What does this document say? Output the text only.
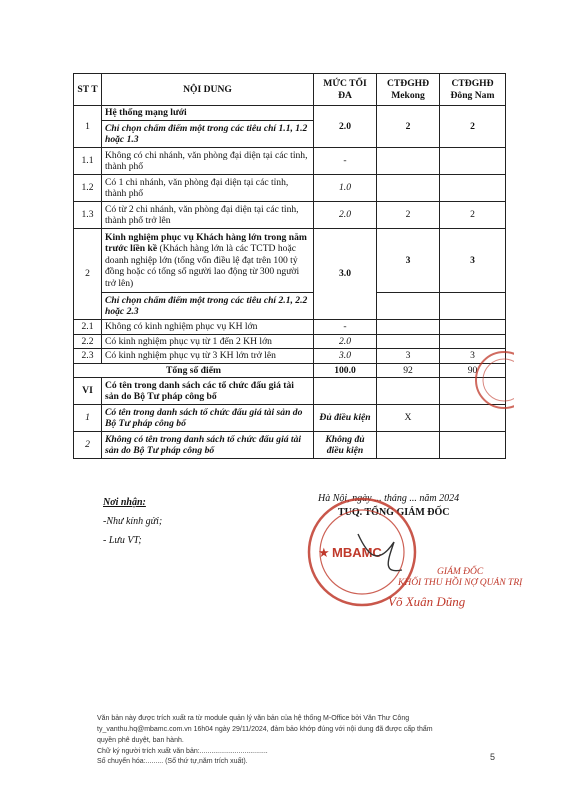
ST T	NỘI DUNG	MỨC TỐI ĐA	CTĐGHĐ Mekong	CTĐGHĐ Đông Nam
1	Hệ thống mạng lưới	2.0	2	2
	Chỉ chọn chấm điểm một trong các tiêu chí 1.1, 1.2 hoặc 1.3			
1.1	Không có chi nhánh, văn phòng đại diện tại các tỉnh, thành phố	-		
1.2	Có 1 chi nhánh, văn phòng đại diện tại các tỉnh, thành phố	1.0		
1.3	Có từ 2 chi nhánh, văn phòng đại diện tại các tỉnh, thành phố trở lên	2.0	2	2
2	Kinh nghiệm phục vụ Khách hàng lớn trong năm trước liền kề (Khách hàng lớn là các TCTD hoặc doanh nghiệp lớn (tổng vốn điều lệ đạt trên 100 tỷ đồng hoặc có tổng số người lao động từ 300 người trở lên)	3.0	3	3
	Chỉ chọn chấm điểm một trong các tiêu chí 2.1, 2.2 hoặc 2.3			
2.1	Không có kinh nghiệm phục vụ KH lớn	-		
2.2	Có kinh nghiệm phục vụ từ 1 đến 2 KH lớn	2.0		
2.3	Có kinh nghiệm phục vụ từ 3 KH lớn trở lên	3.0	3	3
Tổng số điểm		100.0	92	90
VI	Có tên trong danh sách các tổ chức đấu giá tài sản do Bộ Tư pháp công bố			
1	Có tên trong danh sách tổ chức đấu giá tài sản do Bộ Tư pháp công bố	Đủ điều kiện	X	
2	Không có tên trong danh sách tổ chức đấu giá tài sản do Bộ Tư pháp công bố	Không đủ điều kiện		
Nơi nhận:
-Như kính gửi;
- Lưu VT;
Hà Nội, ngày ... tháng ... năm 2024
TUQ. TỔNG GIÁM ĐỐC
★ MBAMC
GIÁM ĐỐC
KHỐI THU HỒI NỢ QUẢN TRỊ
Võ Xuân Dũng
Văn bản này được trích xuất ra từ module quản lý văn bản của hệ thống M-Office bởi Văn Thư Công
ty_vanthu.hq@mbamc.com.vn 16h04 ngày 29/11/2024, đảm bảo khớp đúng với nội dung đã được cấp thẩm
quyền phê duyệt, ban hành.
Chữ ký người trích xuất văn bản:...................................
Số chuyển hóa:......... (Số thứ tự,năm trích xuất).	5
